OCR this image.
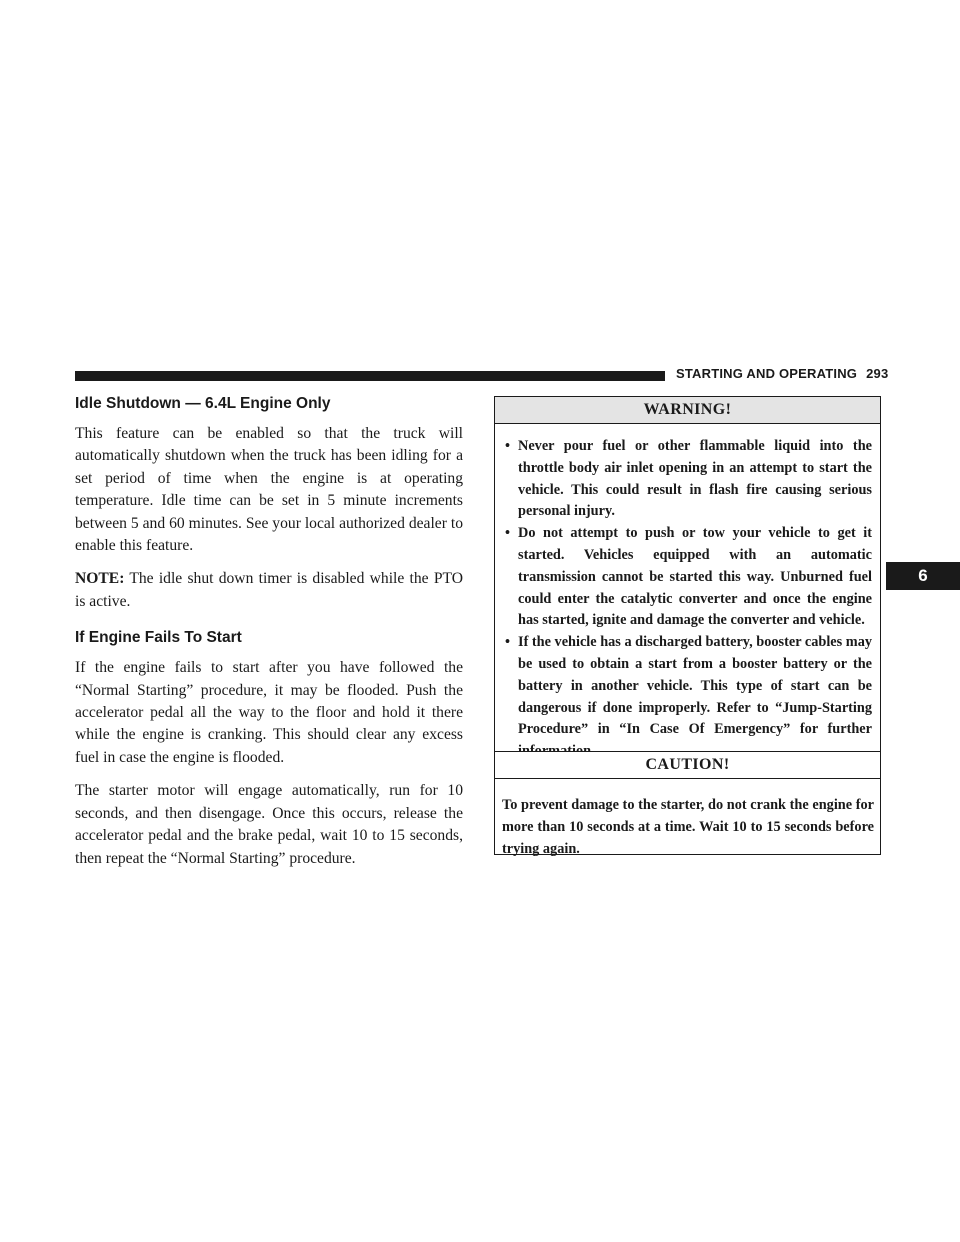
STARTING AND OPERATING 293
6
Idle Shutdown — 6.4L Engine Only

This feature can be enabled so that the truck will automatically shutdown when the truck has been idling for a set period of time when the engine is at operating temperature. Idle time can be set in 5 minute increments between 5 and 60 minutes. See your local authorized dealer to enable this feature.

NOTE: The idle shut down timer is disabled while the PTO is active.

If Engine Fails To Start

If the engine fails to start after you have followed the “Normal Starting” procedure, it may be flooded. Push the accelerator pedal all the way to the floor and hold it there while the engine is cranking. This should clear any excess fuel in case the engine is flooded.

The starter motor will engage automatically, run for 10 seconds, and then disengage. Once this occurs, release the accelerator pedal and the brake pedal, wait 10 to 15 seconds, then repeat the “Normal Starting” procedure.

WARNING!
• Never pour fuel or other flammable liquid into the throttle body air inlet opening in an attempt to start the vehicle. This could result in flash fire causing serious personal injury.
• Do not attempt to push or tow your vehicle to get it started. Vehicles equipped with an automatic transmission cannot be started this way. Unburned fuel could enter the catalytic converter and once the engine has started, ignite and damage the converter and vehicle.
• If the vehicle has a discharged battery, booster cables may be used to obtain a start from a booster battery or the battery in another vehicle. This type of start can be dangerous if done improperly. Refer to “Jump-Starting Procedure” in “In Case Of Emergency” for further
CAUTION!
To prevent damage to the starter, do not crank the engine for more than 10 seconds at a time. Wait 10 to 15 seconds before trying again.
